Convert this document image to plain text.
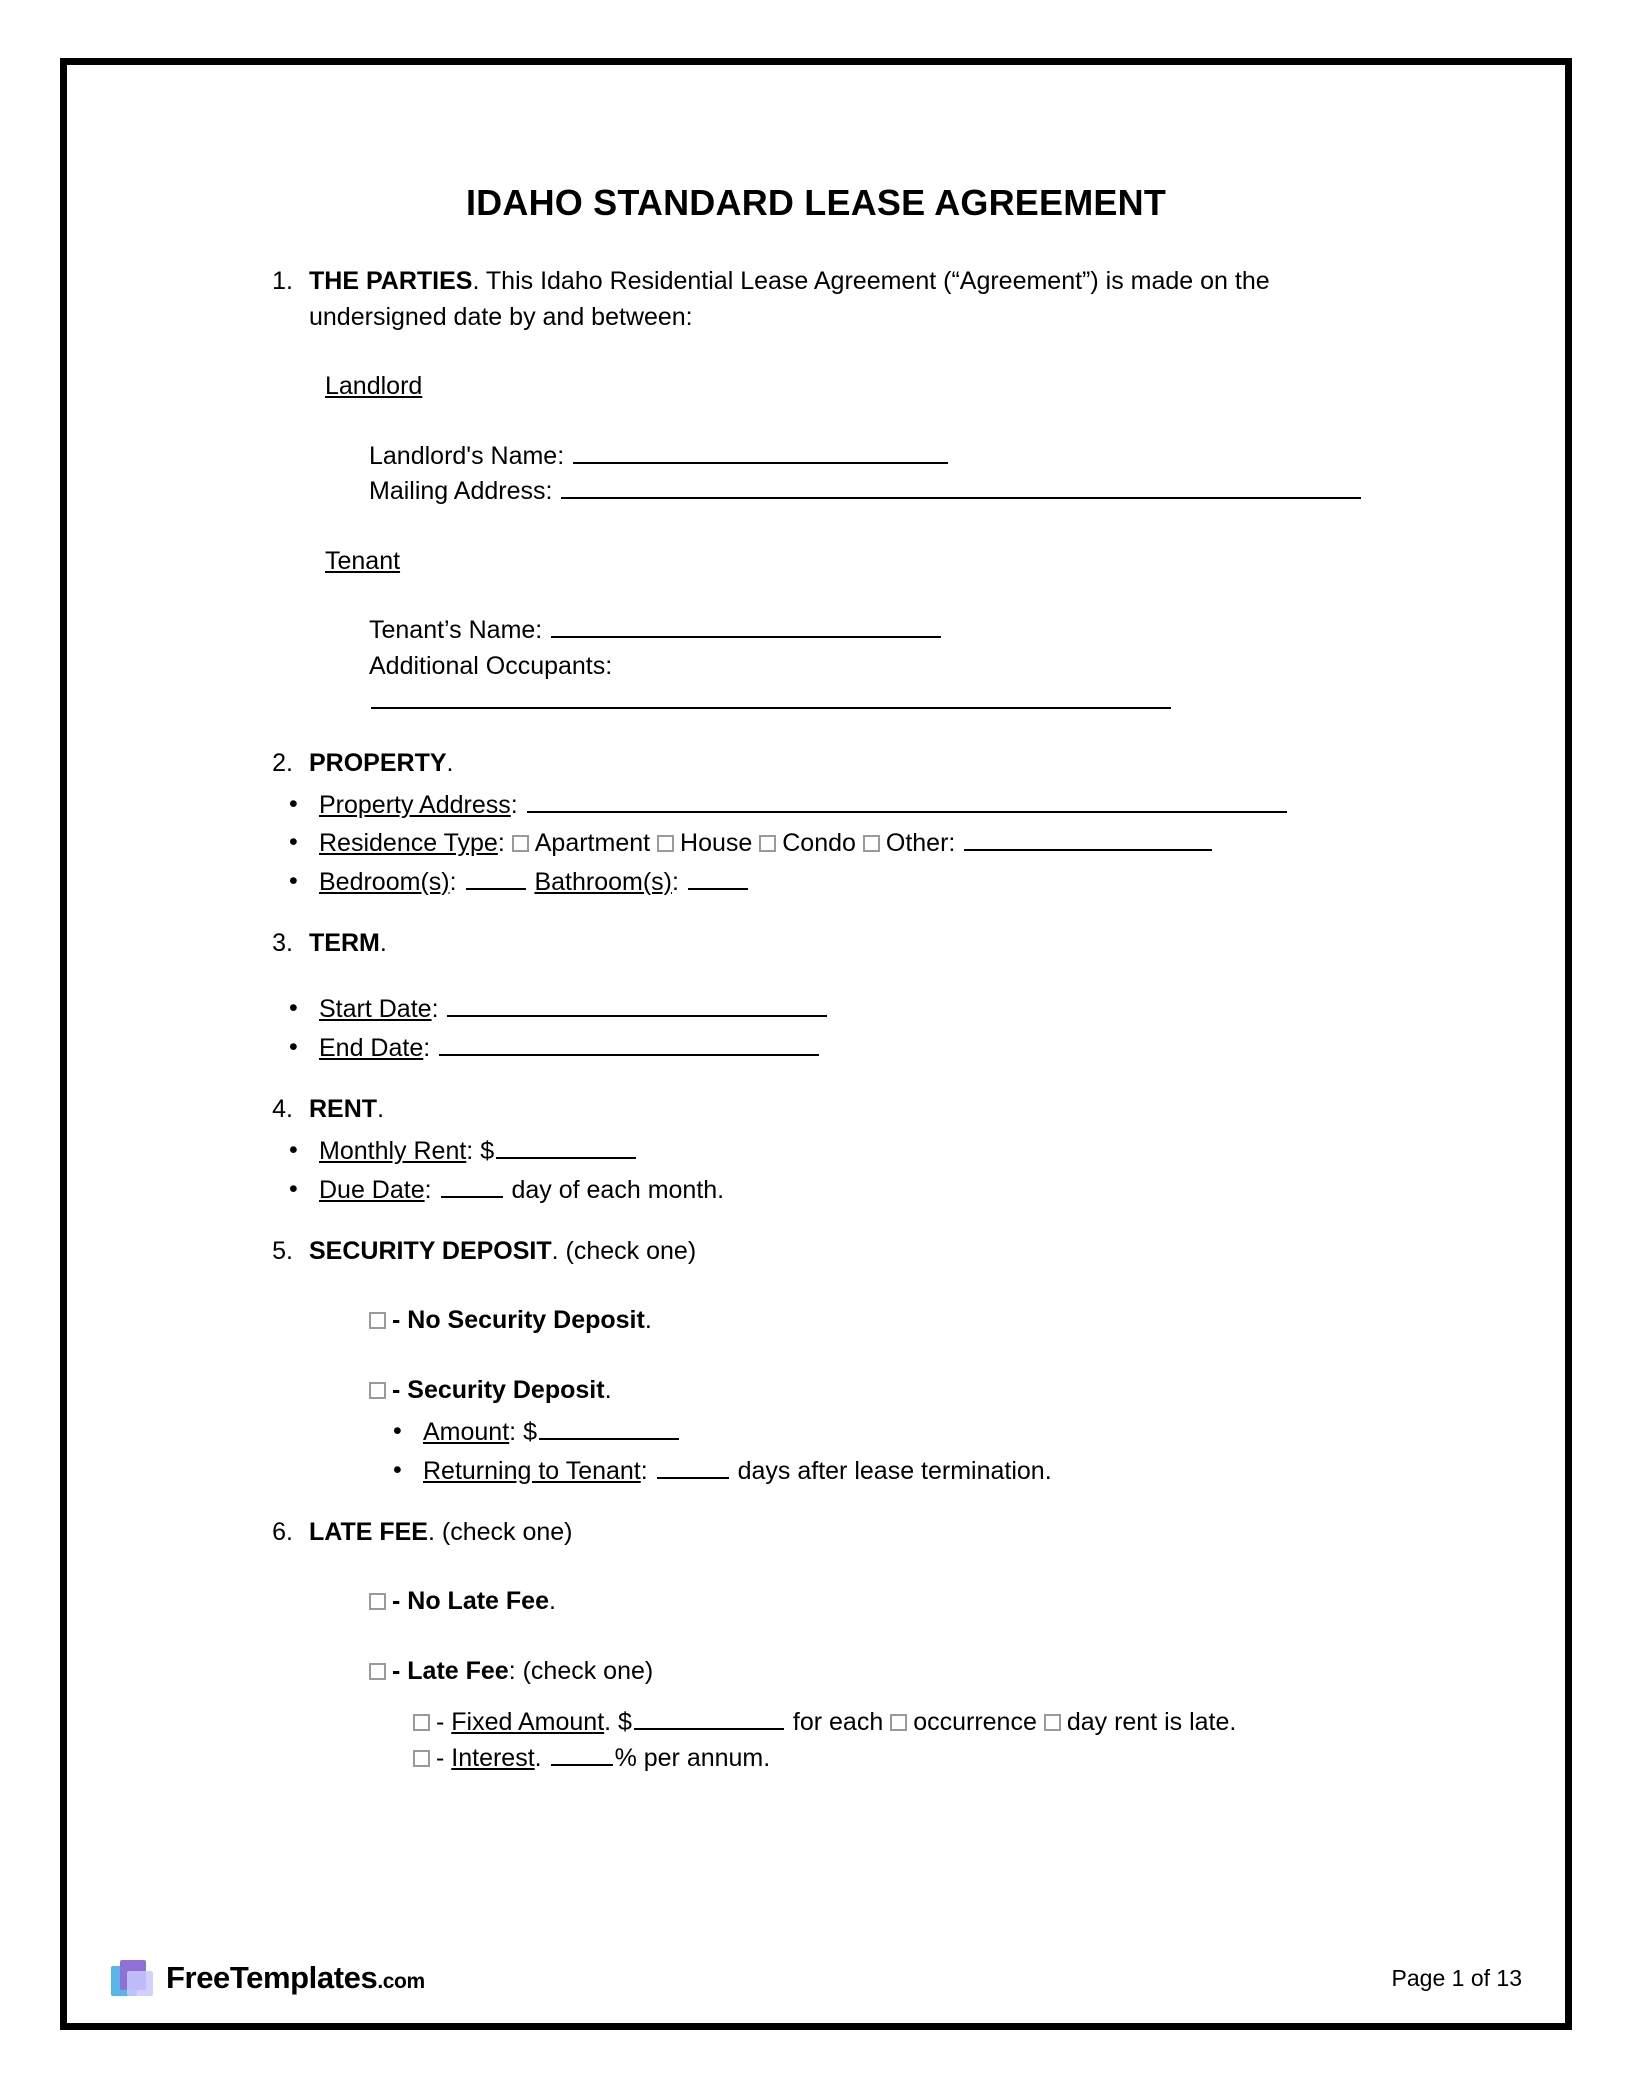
IDAHO STANDARD LEASE AGREEMENT
1. THE PARTIES. This Idaho Residential Lease Agreement (“Agreement”) is made on the undersigned date by and between:
Landlord
Landlord's Name:
Mailing Address:
Tenant
Tenant’s Name:
Additional Occupants:
2. PROPERTY.
• Property Address:
• Residence Type: Apartment House Condo Other:
• Bedroom(s):	Bathroom(s):
3. TERM.
• Start Date:
• End Date:
4. RENT.
• Monthly Rent: $
• Due Date:	day of each month.
5. SECURITY DEPOSIT. (check one)
- No Security Deposit.
- Security Deposit.
• Amount: $
• Returning to Tenant:	days after lease termination.
6. LATE FEE. (check one)
- No Late Fee.
- Late Fee: (check one)
- Fixed Amount. $	for each occurrence day rent is late.
- Interest.	% per annum.
FreeTemplates.com	Page 1 of 13
